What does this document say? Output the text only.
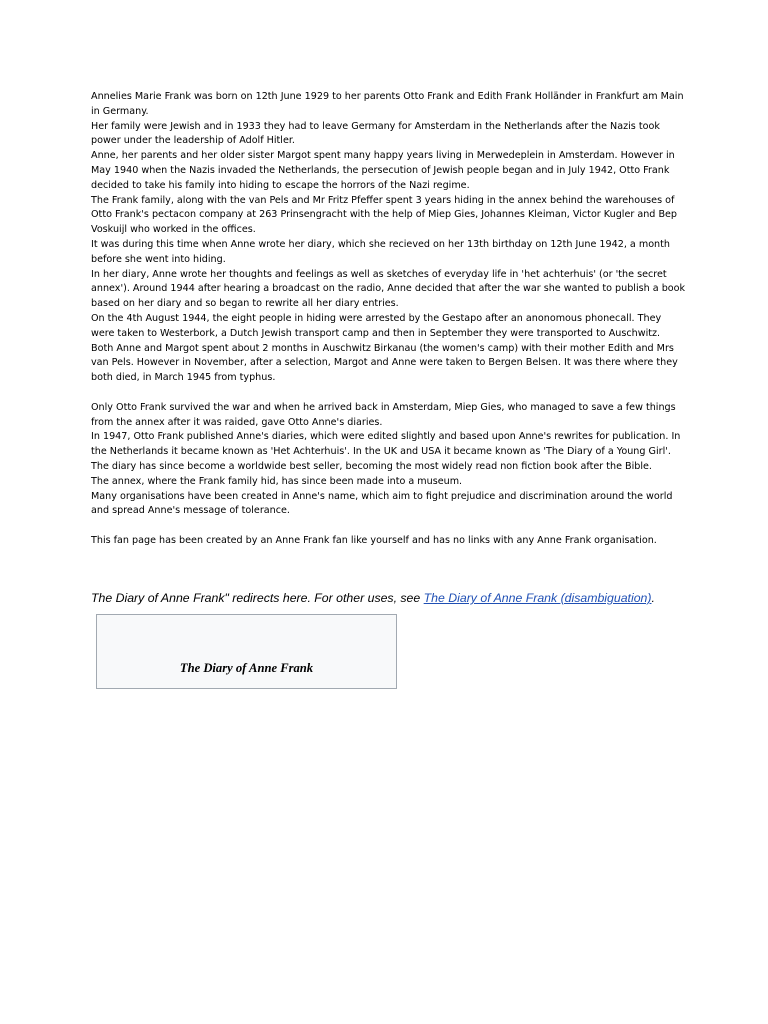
Annelies Marie Frank was born on 12th June 1929 to her parents Otto Frank and Edith Frank Holländer in Frankfurt am Main in Germany.

Her family were Jewish and in 1933 they had to leave Germany for Amsterdam in the Netherlands after the Nazis took power under the leadership of Adolf Hitler.

Anne, her parents and her older sister Margot spent many happy years living in Merwedeplein in Amsterdam. However in May 1940 when the Nazis invaded the Netherlands, the persecution of Jewish people began and in July 1942, Otto Frank decided to take his family into hiding to escape the horrors of the Nazi regime.

The Frank family, along with the van Pels and Mr Fritz Pfeffer spent 3 years hiding in the annex behind the warehouses of Otto Frank's pectacon company at 263 Prinsengracht with the help of Miep Gies, Johannes Kleiman, Victor Kugler and Bep Voskuijl who worked in the offices.

It was during this time when Anne wrote her diary, which she recieved on her 13th birthday on 12th June 1942, a month before she went into hiding.

In her diary, Anne wrote her thoughts and feelings as well as sketches of everyday life in 'het achterhuis' (or 'the secret annex'). Around 1944 after hearing a broadcast on the radio, Anne decided that after the war she wanted to publish a book based on her diary and so began to rewrite all her diary entries.

On the 4th August 1944, the eight people in hiding were arrested by the Gestapo after an anonomous phonecall. They were taken to Westerbork, a Dutch Jewish transport camp and then in September they were transported to Auschwitz.

Both Anne and Margot spent about 2 months in Auschwitz Birkanau (the women's camp) with their mother Edith and Mrs van Pels. However in November, after a selection, Margot and Anne were taken to Bergen Belsen. It was there where they both died, in March 1945 from typhus.

Only Otto Frank survived the war and when he arrived back in Amsterdam, Miep Gies, who managed to save a few things from the annex after it was raided, gave Otto Anne's diaries.

In 1947, Otto Frank published Anne's diaries, which were edited slightly and based upon Anne's rewrites for publication. In the Netherlands it became known as 'Het Achterhuis'. In the UK and USA it became known as 'The Diary of a Young Girl'.

The diary has since become a worldwide best seller, becoming the most widely read non fiction book after the Bible.

The annex, where the Frank family hid, has since been made into a museum.

Many organisations have been created in Anne's name, which aim to fight prejudice and discrimination around the world and spread Anne's message of tolerance.

This fan page has been created by an Anne Frank fan like yourself and has no links with any Anne Frank organisation.

The Diary of Anne Frank" redirects here. For other uses, see The Diary of Anne Frank (disambiguation).
The Diary of Anne Frank
